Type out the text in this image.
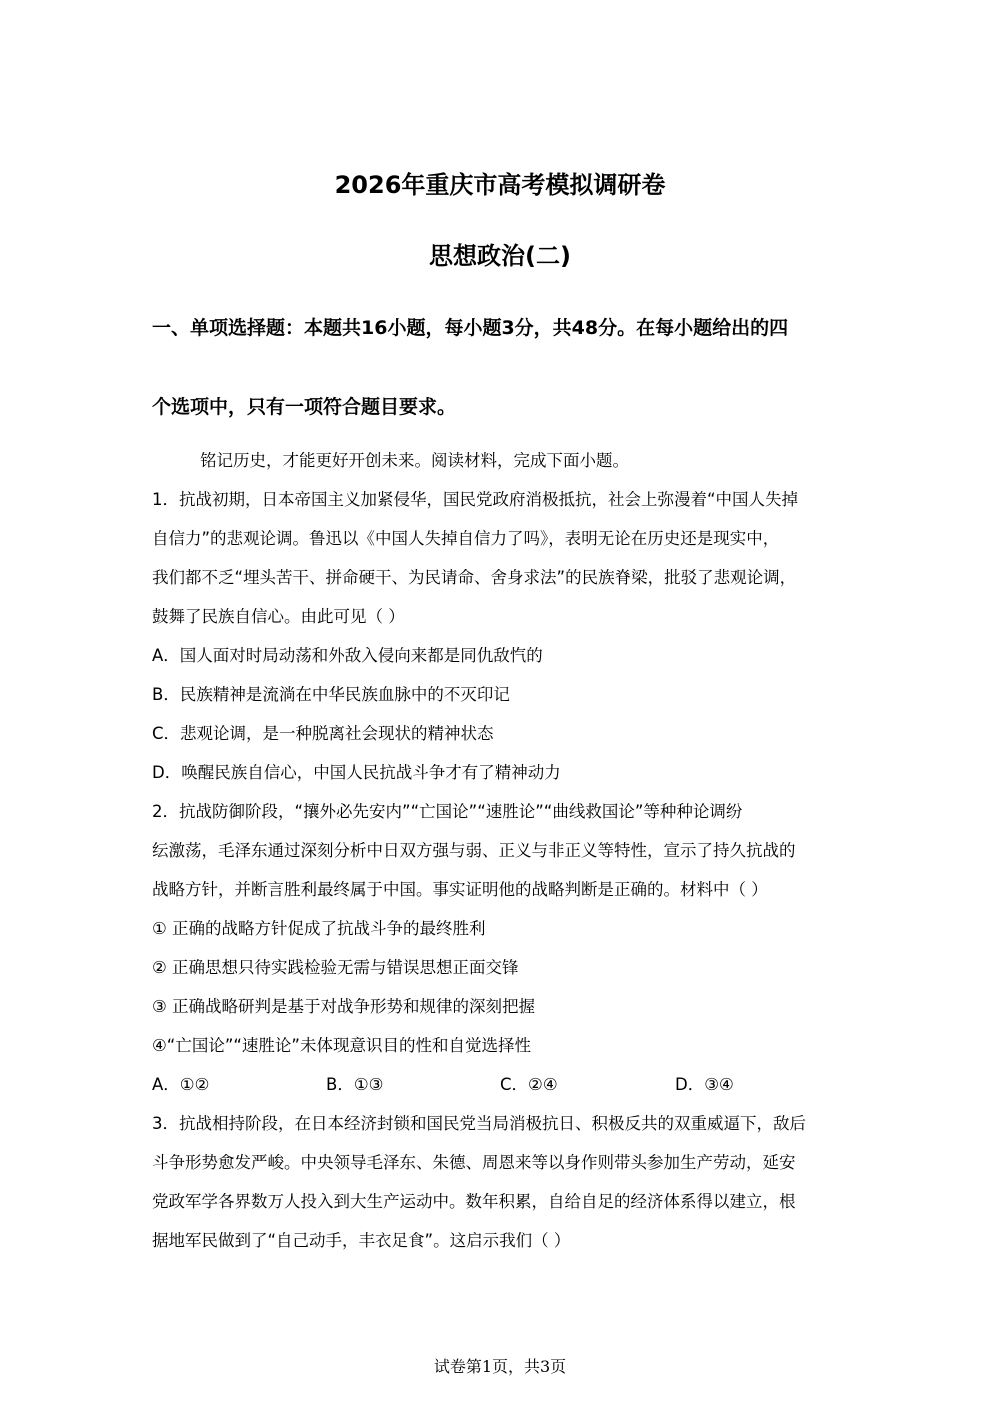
2026年重庆市高考模拟调研卷
思想政治(二)
一、单项选择题：本题共16小题，每小题3分，共48分。在每小题给出的四
个选项中，只有一项符合题目要求。
铭记历史，才能更好开创未来。阅读材料，完成下面小题。
1．抗战初期，日本帝国主义加紧侵华，国民党政府消极抵抗，社会上弥漫着“中国人失掉
自信力”的悲观论调。鲁迅以《中国人失掉自信力了吗》，表明无论在历史还是现实中，
我们都不乏“埋头苦干、拼命硬干、为民请命、舍身求法”的民族脊梁，批驳了悲观论调，
鼓舞了民族自信心。由此可见（ ）
A．国人面对时局动荡和外敌入侵向来都是同仇敌忾的
B．民族精神是流淌在中华民族血脉中的不灭印记
C．悲观论调，是一种脱离社会现状的精神状态
D．唤醒民族自信心，中国人民抗战斗争才有了精神动力
2．抗战防御阶段，“攘外必先安内”“亡国论”“速胜论”“曲线救国论”等种种论调纷
纭激荡，毛泽东通过深刻分析中日双方强与弱、正义与非正义等特性，宣示了持久抗战的
战略方针，并断言胜利最终属于中国。事实证明他的战略判断是正确的。材料中（ ）
① 正确的战略方针促成了抗战斗争的最终胜利
② 正确思想只待实践检验无需与错误思想正面交锋
③ 正确战略研判是基于对战争形势和规律的深刻把握
④“亡国论”“速胜论”未体现意识目的性和自觉选择性
A．①②	B．①③	C．②④	D．③④
3．抗战相持阶段，在日本经济封锁和国民党当局消极抗日、积极反共的双重威逼下，敌后
斗争形势愈发严峻。中央领导毛泽东、朱德、周恩来等以身作则带头参加生产劳动，延安
党政军学各界数万人投入到大生产运动中。数年积累，自给自足的经济体系得以建立，根
据地军民做到了“自己动手，丰衣足食”。这启示我们（ ）
试卷第1页，共3页
